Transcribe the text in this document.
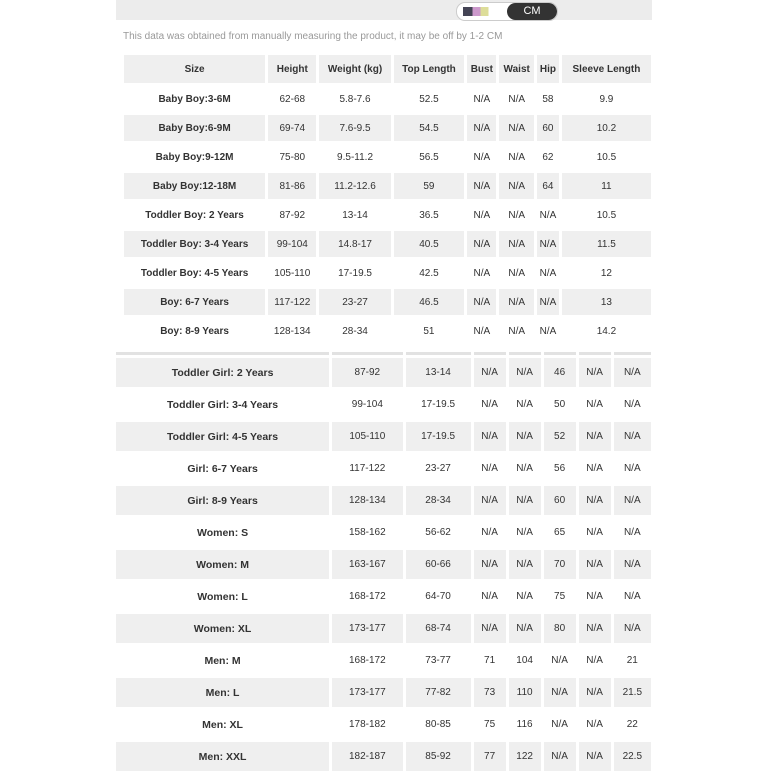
CM
This data was obtained from manually measuring the product, it may be off by 1-2 CM
Size	Height	Weight (kg)	Top Length	Bust	Waist	Hip	Sleeve Length
Baby Boy:3-6M	62-68	5.8-7.6	52.5	N/A	N/A	58	9.9
Baby Boy:6-9M	69-74	7.6-9.5	54.5	N/A	N/A	60	10.2
Baby Boy:9-12M	75-80	9.5-11.2	56.5	N/A	N/A	62	10.5
Baby Boy:12-18M	81-86	11.2-12.6	59	N/A	N/A	64	11
Toddler Boy: 2 Years	87-92	13-14	36.5	N/A	N/A	N/A	10.5
Toddler Boy: 3-4 Years	99-104	14.8-17	40.5	N/A	N/A	N/A	11.5
Toddler Boy: 4-5 Years	105-110	17-19.5	42.5	N/A	N/A	N/A	12
Boy: 6-7 Years	117-122	23-27	46.5	N/A	N/A	N/A	13
Boy: 8-9 Years	128-134	28-34	51	N/A	N/A	N/A	14.2

Toddler Girl: 2 Years	87-92	13-14	N/A	N/A	46	N/A	N/A
Toddler Girl: 3-4 Years	99-104	17-19.5	N/A	N/A	50	N/A	N/A
Toddler Girl: 4-5 Years	105-110	17-19.5	N/A	N/A	52	N/A	N/A
Girl: 6-7 Years	117-122	23-27	N/A	N/A	56	N/A	N/A
Girl: 8-9 Years	128-134	28-34	N/A	N/A	60	N/A	N/A
Women: S	158-162	56-62	N/A	N/A	65	N/A	N/A
Women: M	163-167	60-66	N/A	N/A	70	N/A	N/A
Women: L	168-172	64-70	N/A	N/A	75	N/A	N/A
Women: XL	173-177	68-74	N/A	N/A	80	N/A	N/A
Men: M	168-172	73-77	71	104	N/A	N/A	21
Men: L	173-177	77-82	73	110	N/A	N/A	21.5
Men: XL	178-182	80-85	75	116	N/A	N/A	22
Men: XXL	182-187	85-92	77	122	N/A	N/A	22.5
